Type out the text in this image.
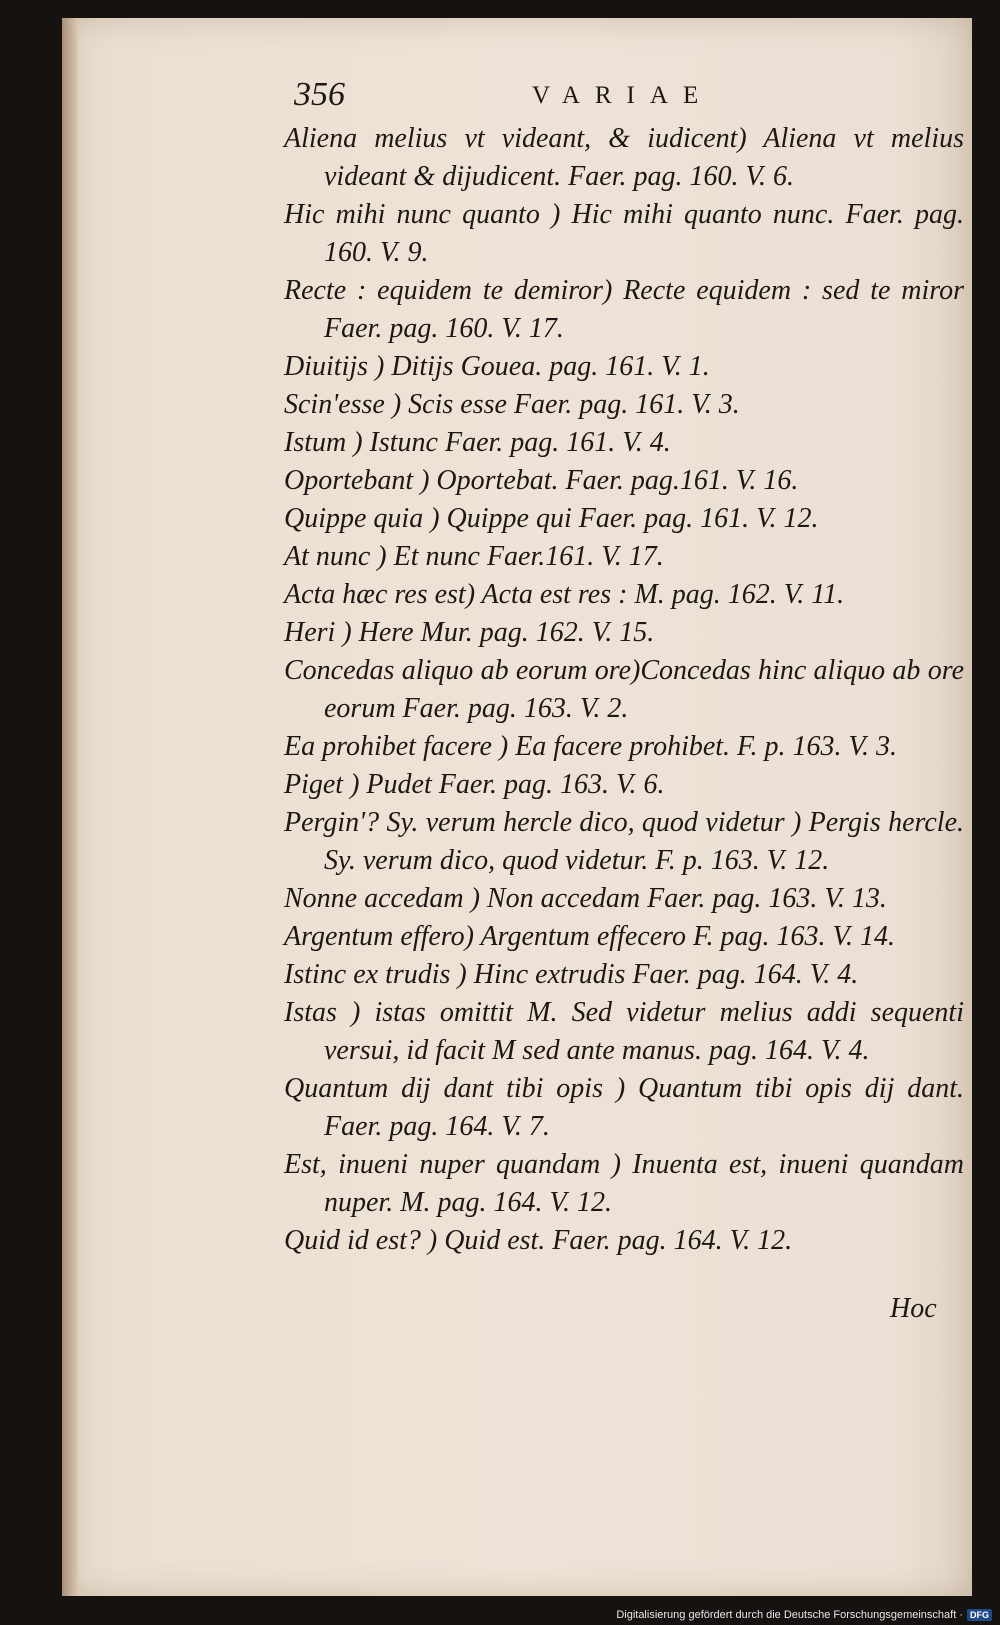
356	VARIAE
Aliena melius vt videant, & iudicent) Aliena vt melius videant & dijudicent. Faer. pag. 160. V. 6.
Hic mihi nunc quanto ) Hic mihi quanto nunc. Faer. pag. 160. V. 9.
Recte : equidem te demiror) Recte equidem : sed te miror Faer. pag. 160. V. 17.
Diuitijs ) Ditijs Gouea. pag. 161. V. 1.
Scin'esse ) Scis esse Faer. pag. 161. V. 3.
Istum ) Istunc Faer. pag. 161. V. 4.
Oportebant ) Oportebat. Faer. pag.161. V. 16.
Quippe quia ) Quippe qui Faer. pag. 161. V. 12.
At nunc ) Et nunc Faer.161. V. 17.
Acta hæc res est) Acta est res : M. pag. 162. V. 11.
Heri ) Here Mur. pag. 162. V. 15.
Concedas aliquo ab eorum ore)Concedas hinc aliquo ab ore eorum Faer. pag. 163. V. 2.
Ea prohibet facere ) Ea facere prohibet. F. p. 163. V. 3.
Piget ) Pudet Faer. pag. 163. V. 6.
Pergin'? Sy. verum hercle dico, quod videtur ) Pergis hercle. Sy. verum dico, quod videtur. F. p. 163. V. 12.
Nonne accedam ) Non accedam Faer. pag. 163. V. 13.
Argentum effero) Argentum effecero F. pag. 163. V. 14.
Istinc ex trudis ) Hinc extrudis Faer. pag. 164. V. 4.
Istas ) istas omittit M. Sed videtur melius addi sequenti versui, id facit M sed ante manus. pag. 164. V. 4.
Quantum dij dant tibi opis ) Quantum tibi opis dij dant. Faer. pag. 164. V. 7.
Est, inueni nuper quandam ) Inuenta est, inueni quandam nuper. M. pag. 164. V. 12.
Quid id est? ) Quid est. Faer. pag. 164. V. 12.
Hoc
Digitalisierung gefördert durch die Deutsche Forschungsgemeinschaft · DFG
